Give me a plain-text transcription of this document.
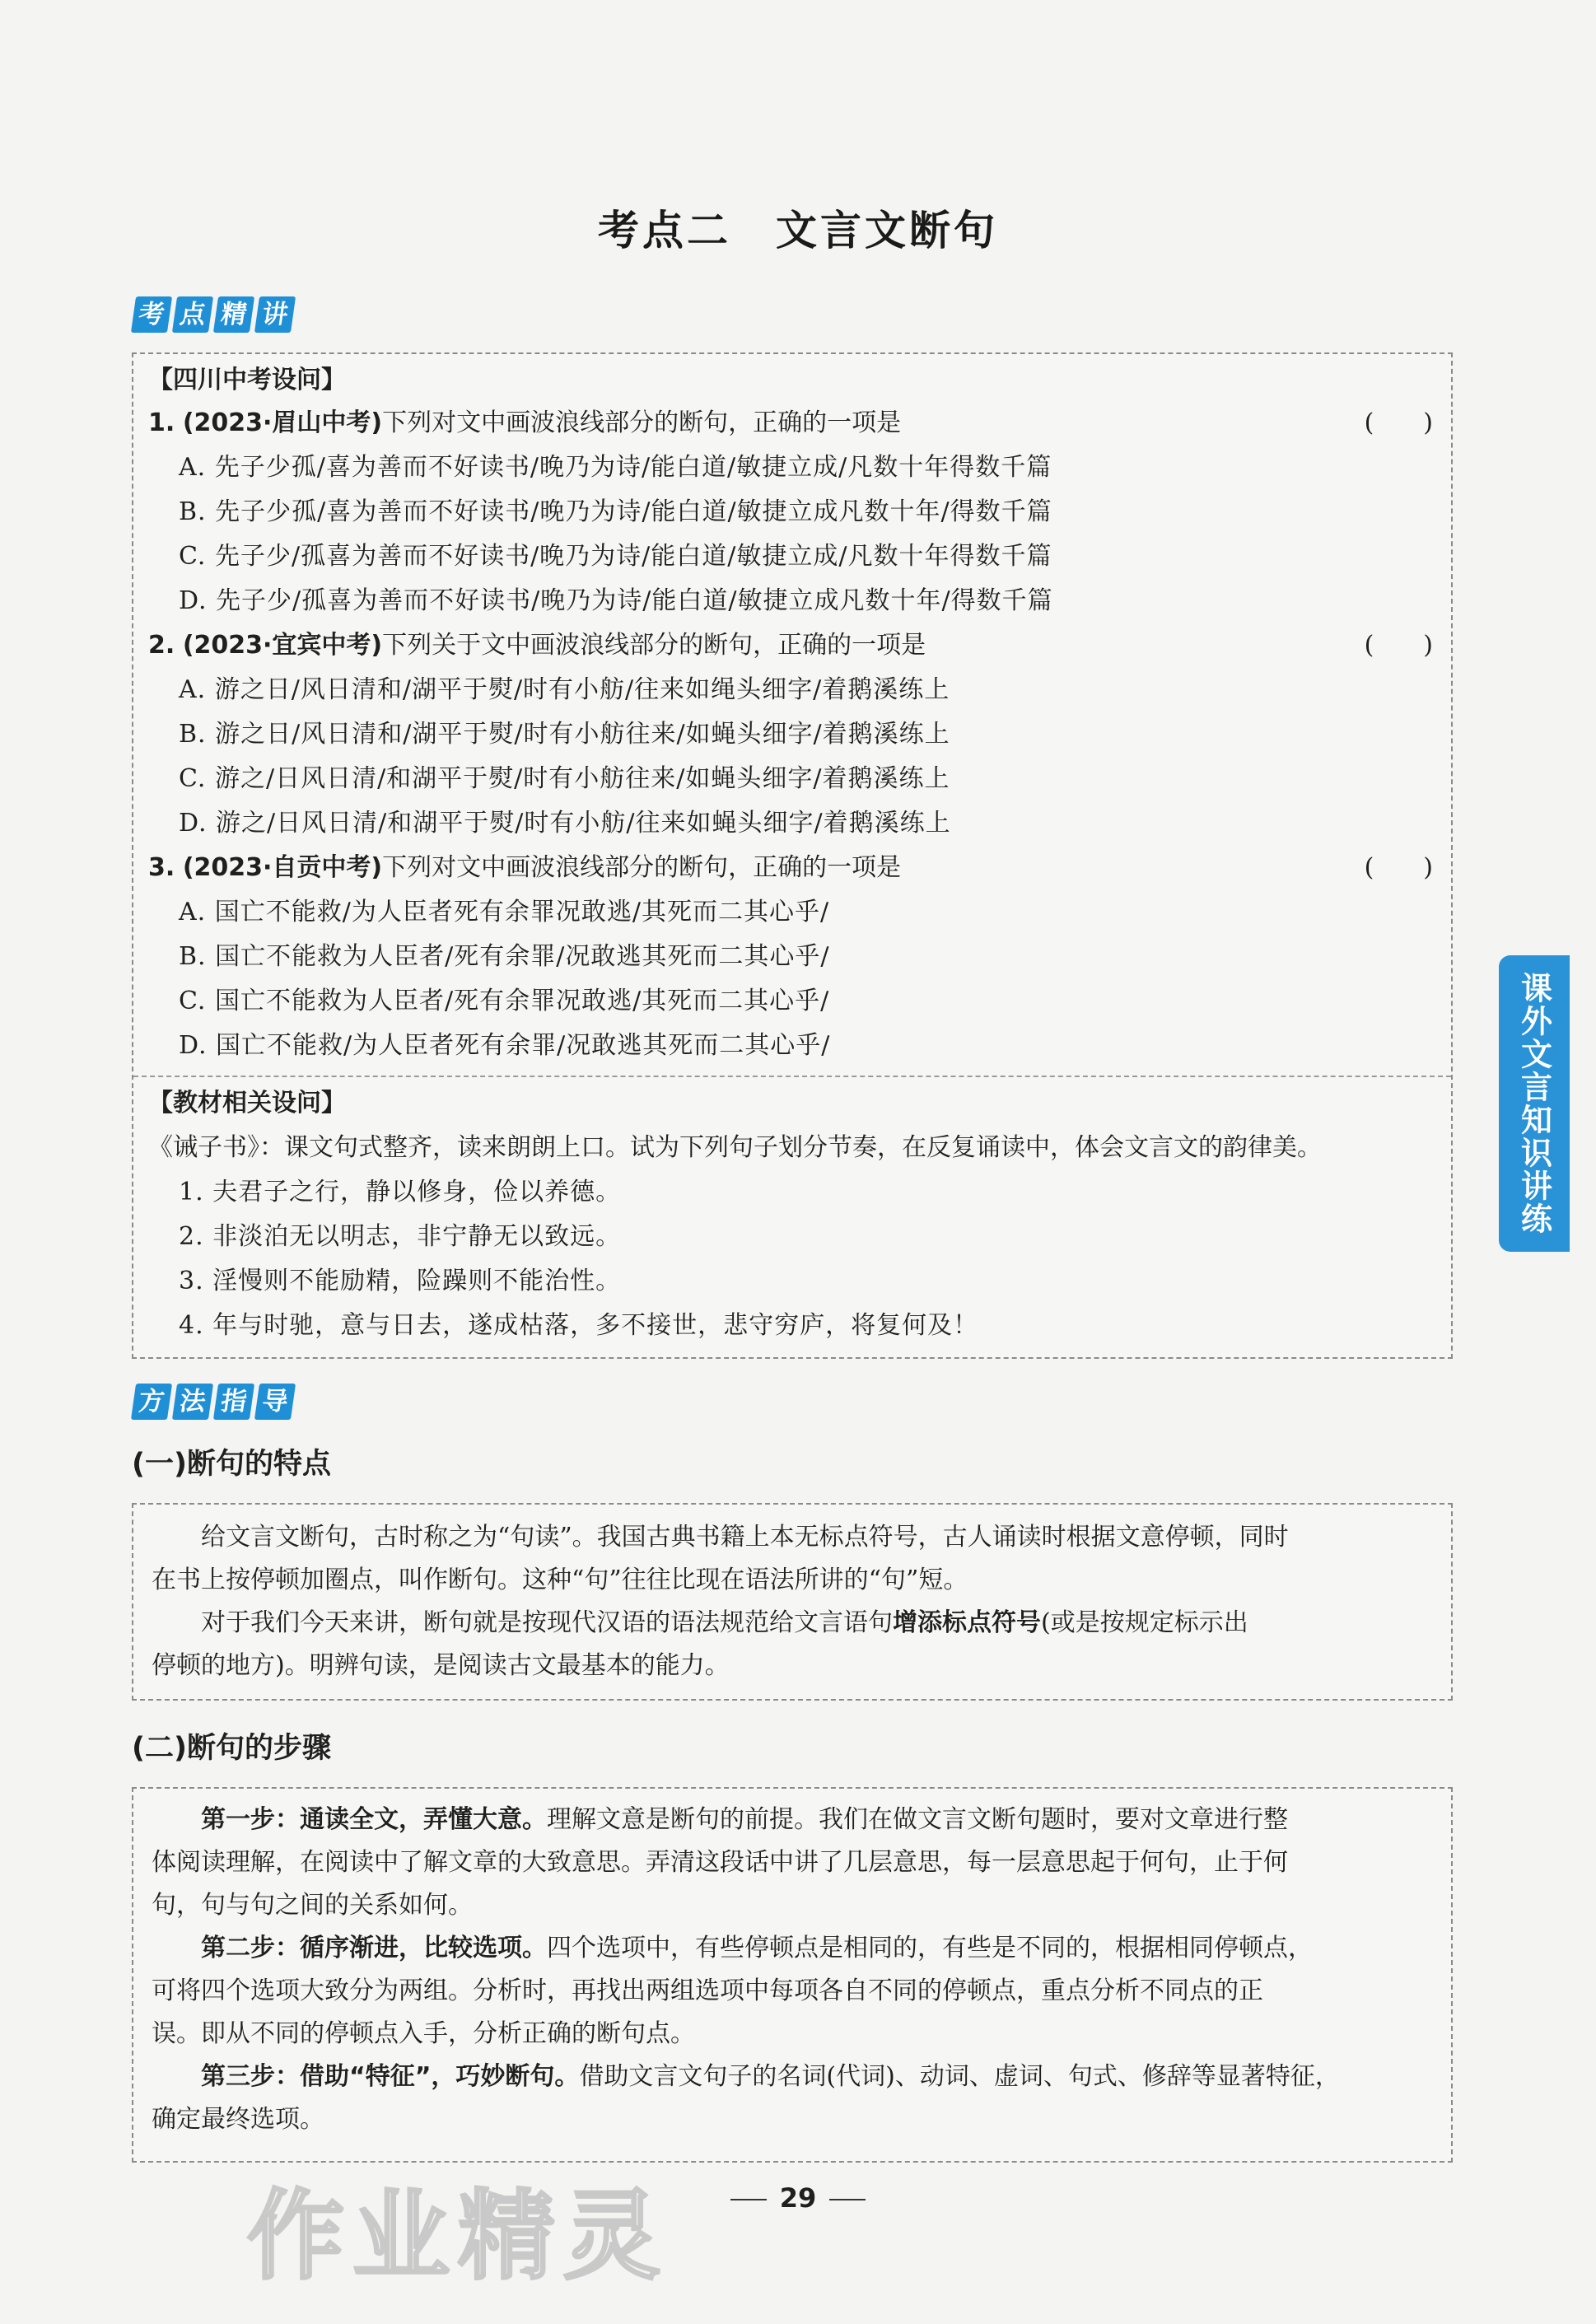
考点二　文言文断句
考 点 精 讲
【四川中考设问】
1. (2023·眉山中考)下列对文中画波浪线部分的断句，正确的一项是	(　　)
A. 先子少孤/喜为善而不好读书/晚乃为诗/能白道/敏捷立成/凡数十年得数千篇
B. 先子少孤/喜为善而不好读书/晚乃为诗/能白道/敏捷立成凡数十年/得数千篇
C. 先子少/孤喜为善而不好读书/晚乃为诗/能白道/敏捷立成/凡数十年得数千篇
D. 先子少/孤喜为善而不好读书/晚乃为诗/能白道/敏捷立成凡数十年/得数千篇
2. (2023·宜宾中考)下列关于文中画波浪线部分的断句，正确的一项是	(　　)
A. 游之日/风日清和/湖平于熨/时有小舫/往来如绳头细字/着鹅溪练上
B. 游之日/风日清和/湖平于熨/时有小舫往来/如蝇头细字/着鹅溪练上
C. 游之/日风日清/和湖平于熨/时有小舫往来/如蝇头细字/着鹅溪练上
D. 游之/日风日清/和湖平于熨/时有小舫/往来如蝇头细字/着鹅溪练上
3. (2023·自贡中考)下列对文中画波浪线部分的断句，正确的一项是	(　　)
A. 国亡不能救/为人臣者死有余罪况敢逃/其死而二其心乎/
B. 国亡不能救为人臣者/死有余罪/况敢逃其死而二其心乎/
C. 国亡不能救为人臣者/死有余罪况敢逃/其死而二其心乎/
D. 国亡不能救/为人臣者死有余罪/况敢逃其死而二其心乎/
【教材相关设问】
《诫子书》：课文句式整齐，读来朗朗上口。试为下列句子划分节奏，在反复诵读中，体会文言文的韵律美。
1. 夫君子之行，静以修身，俭以养德。
2. 非淡泊无以明志，非宁静无以致远。
3. 淫慢则不能励精，险躁则不能治性。
4. 年与时驰，意与日去，遂成枯落，多不接世，悲守穷庐，将复何及！
方 法 指 导
(一)断句的特点
给文言文断句，古时称之为“句读”。我国古典书籍上本无标点符号，古人诵读时根据文意停顿，同时
在书上按停顿加圈点，叫作断句。这种“句”往往比现在语法所讲的“句”短。
对于我们今天来讲，断句就是按现代汉语的语法规范给文言语句增添标点符号(或是按规定标示出
停顿的地方)。明辨句读，是阅读古文最基本的能力。
(二)断句的步骤
第一步：通读全文，弄懂大意。理解文意是断句的前提。我们在做文言文断句题时，要对文章进行整
体阅读理解，在阅读中了解文章的大致意思。弄清这段话中讲了几层意思，每一层意思起于何句，止于何
句，句与句之间的关系如何。
第二步：循序渐进，比较选项。四个选项中，有些停顿点是相同的，有些是不同的，根据相同停顿点，
可将四个选项大致分为两组。分析时，再找出两组选项中每项各自不同的停顿点，重点分析不同点的正
误。即从不同的停顿点入手，分析正确的断句点。
第三步：借助“特征”，巧妙断句。借助文言文句子的名词(代词)、动词、虚词、句式、修辞等显著特征，
确定最终选项。
课外文言知识讲练
作业精灵	29
